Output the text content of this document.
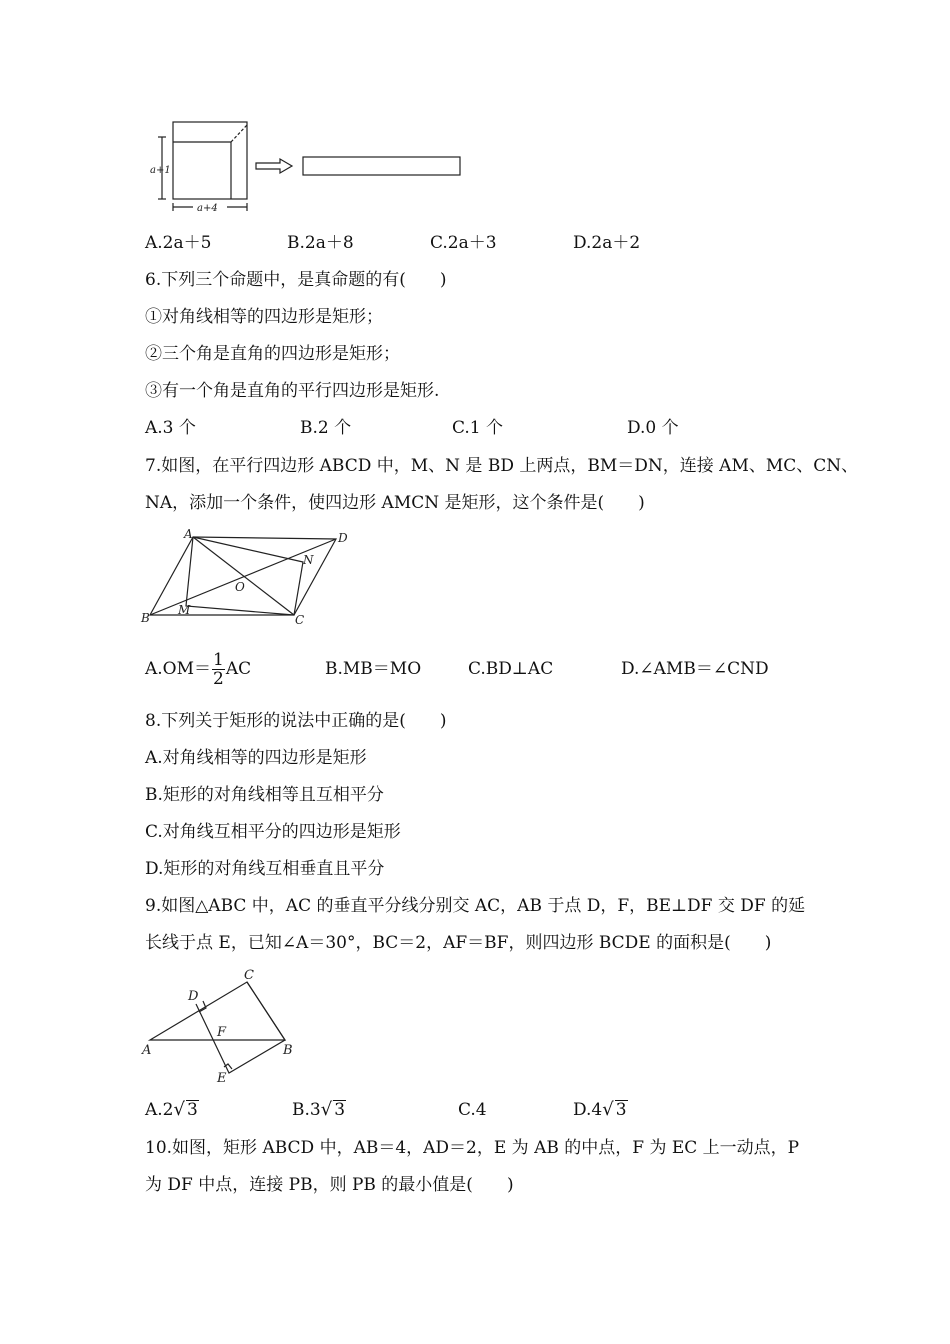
a+1
a+4
A.2a＋5	B.2a＋8	C.2a＋3	D.2a＋2
6.下列三个命题中，是真命题的有(　　)
①对角线相等的四边形是矩形；
②三个角是直角的四边形是矩形；
③有一个角是直角的平行四边形是矩形.
A.3 个	B.2 个	C.1 个	D.0 个
7.如图，在平行四边形 ABCD 中，M、N 是 BD 上两点，BM＝DN，连接 AM、MC、CN、
NA，添加一个条件，使四边形 AMCN 是矩形，这个条件是(　　)
A	D
N
O
M
B	C
$A.OM= \frac{1}{2}$ AC	B.MB＝MO	C.BD⊥AC	D.∠AMB＝∠CND
8.下列关于矩形的说法中正确的是(　　)
A.对角线相等的四边形是矩形
B.矩形的对角线相等且互相平分
C.对角线互相平分的四边形是矩形
D.矩形的对角线互相垂直且平分
9.如图△ABC 中，AC 的垂直平分线分别交 AC，AB 于点 D，F，BE⊥DF 交 DF 的延
长线于点 E，已知∠A＝30°，BC＝2，AF＝BF，则四边形 BCDE 的面积是(　　)
C
D
F
A	B
E
A.2√ 3	B.3√ 3	C.4	D.4√ 3
10.如图，矩形 ABCD 中，AB＝4，AD＝2，E 为 AB 的中点，F 为 EC 上一动点，P
为 DF 中点，连接 PB，则 PB 的最小值是(　　)
